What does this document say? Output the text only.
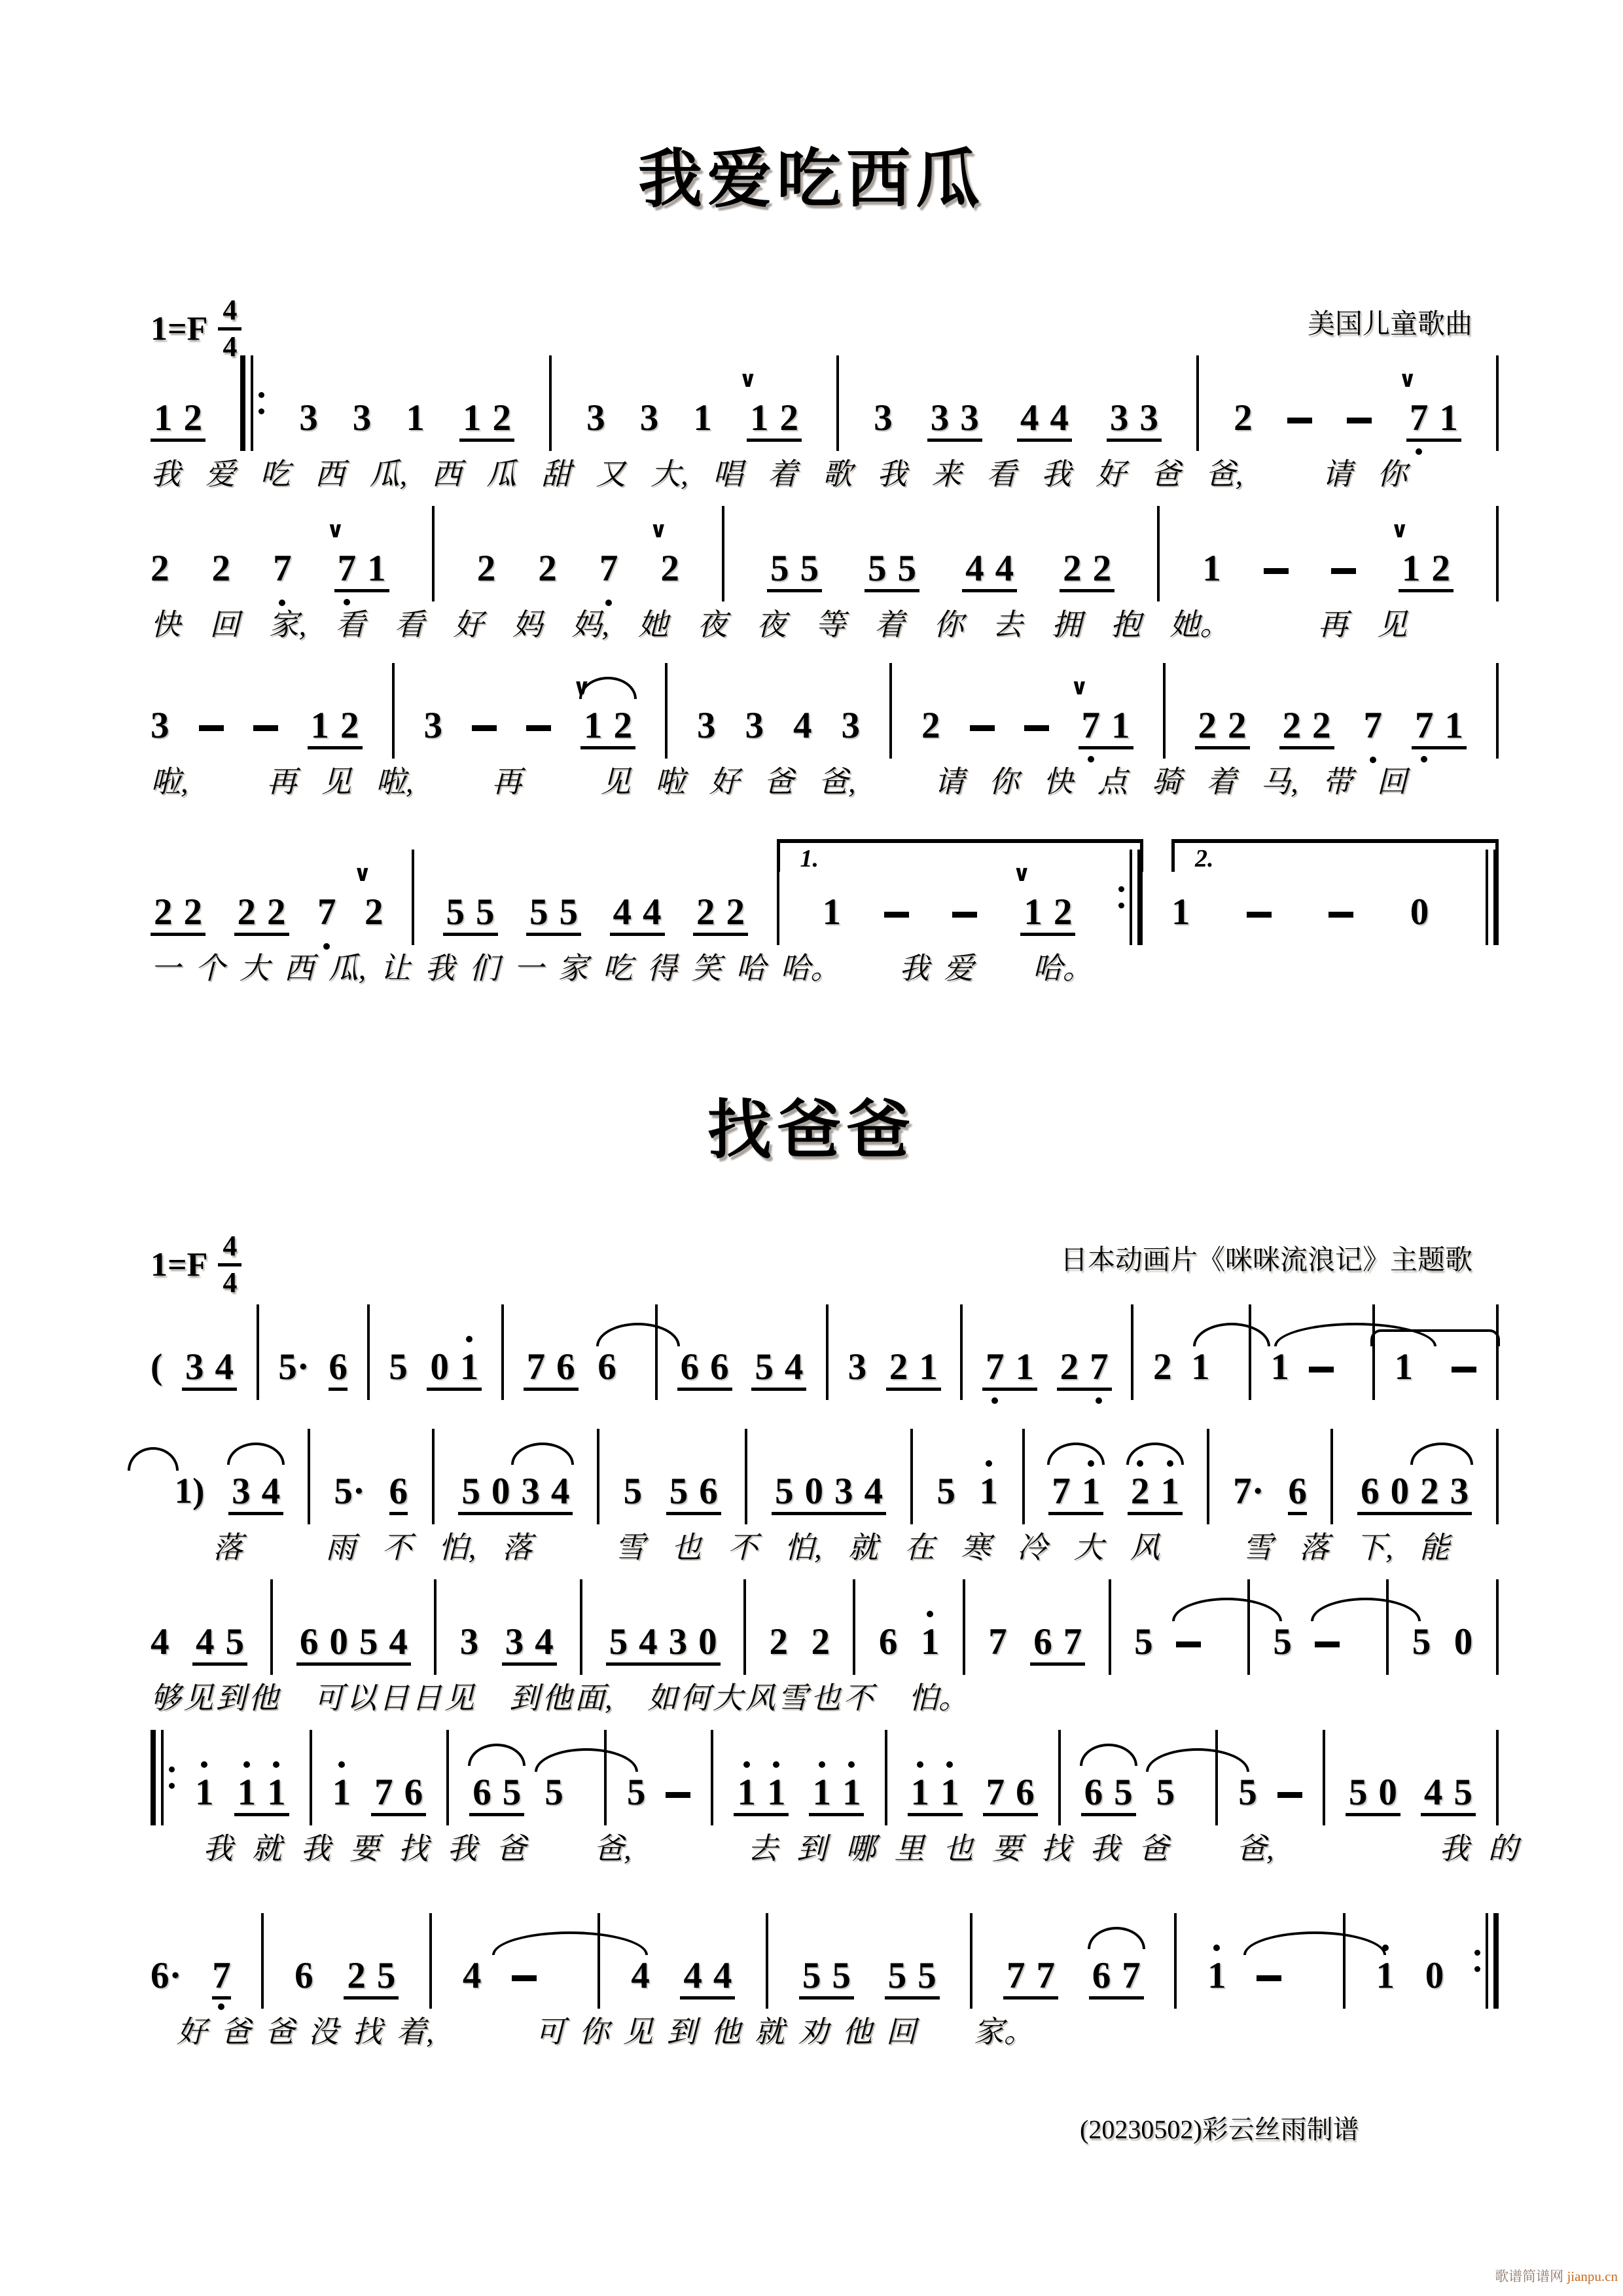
我爱吃西瓜
$1=F \frac{4}{4}$	美国儿童歌曲
1 2	3 3 1 1 2 3 3 1 1
∨
2 3 3 3 4 4 3 3 2	7
∨
1
我 爱 吃 西 瓜, 西 瓜 甜 又 大, 唱 着 歌 我 来 看 我 好 爸 爸,
　	请 你
2 2 7 7
∨
1 2 2 7 2
∨
5 5 5 5 4 4 2 2 1	1
∨
2
快 回 家, 看 看 好 妈 妈, 她 夜 夜 等 着 你 去 拥 抱 她。
　	再 见
3	1 2 3	1
∨
2 3 3 4 3 2	7
∨
1 2 2 2 2 7 7 1
啦,
　	再 见 啦,
　	再
　	见 啦 好 爸 爸,
　	请 你 快 点 骑 着 马, 带 回
2 2 2 2 7 2
∨
5 5 5 5 4 4 2 2
1.
1	1
∨
2
2.
1	0
一 个 大 西 瓜, 让 我 们 一 家 吃 得 笑 哈 哈。
　 我 爱
　 哈。
找爸爸
$1=F \frac{4}{4}$	日本动画片《咪咪流浪记》主题歌
( 3 4 5· 6 5 0 1 7 6 6 6 6 5 4 3 2 1 7 1 2 7 2 1 1	1
1) 3 4 5· 6 5 0 3 4 5 5 6 5 0 3 4 5 1 7 1 2 1 7· 6 6 0 2 3
落
　	雨 不 怕, 落
　	雪 也 不 怕, 就 在 寒 冷 大 风
　	雪 落 下, 能
4 4 5 6 0 5 4 3 3 4 5 4 3 0 2 2 6 1 7 6 7 5	5	5 0
够 见 到 他
　 可 以 日 日 见
　 到 他 面,
　 如 何 大 风 雪 也 不
　 怕。
1 1 1 1 7 6 6 5 5 5 1 1 1 1 1 1 7 6 6 5 5 5 5 0 4 5
我 就 我 要 找 我 爸
　 爸,

　	去 到 哪 里 也 要 找 我 爸
　 爸,

　	我 的
6· 7 6 2 5 4	4 4 4 5 5 5 5 7 7 6 7 1	1 0
好 爸 爸 没 找 着,

　	可 你 见 到 他 就 劝 他 回
　 家。
(20230502)彩云丝雨制谱
歌谱简谱网 jianpu.cn
